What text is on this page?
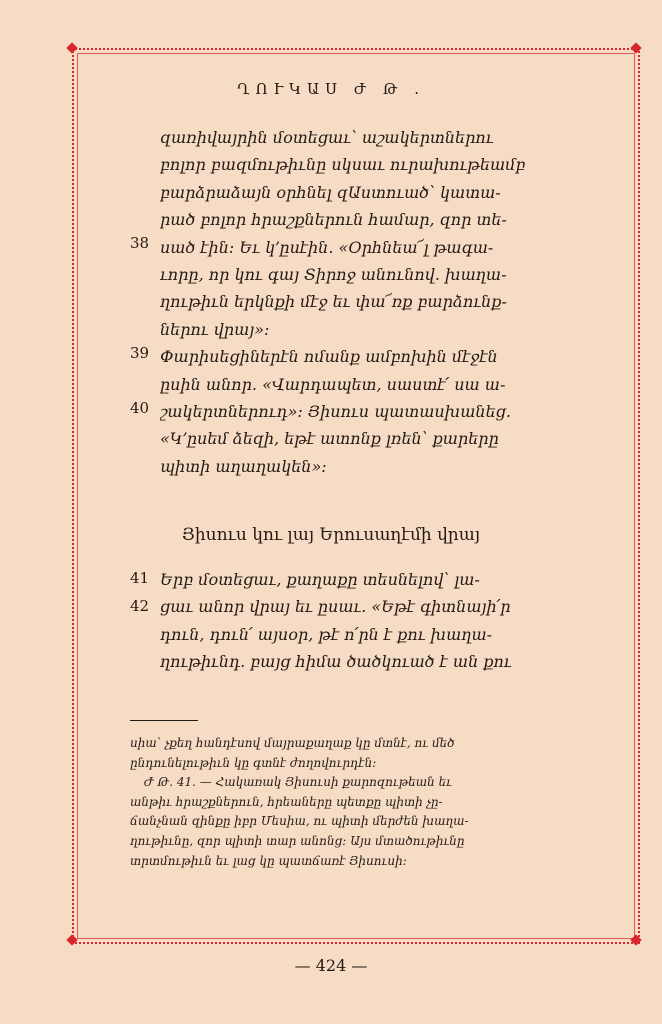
ՂՈՒԿԱՍ Ժ Թ .
38
39
40
զառիվայրին մօտեցաւ՝ աշակերտներու
բոլոր բազմութիւնը սկսաւ ուրախութեամբ
բարձրաձայն օրհնել զԱստուած՝ կատա-
րած բոլոր հրաշքներուն համար, զոր տե-
սած էին։ Եւ կ՚ըսէին. «Օրհնեա՜լ թագա-
ւորը, որ կու գայ Տիրոջ անունով. խաղա-
ղութիւն երկնքի մէջ եւ փա՜ռք բարձունք-
ներու վրայ»։
Փարիսեցիներէն ոմանք ամբոխին մէջէն
ըսին անոր. «Վարդապետ, սաստէ՛ սա ա-
շակերտներուդ»։ Յիսուս պատասխանեց.
«Կ՚ըսեմ ձեզի, եթէ ատոնք լռեն՝ քարերը
պիտի աղաղակեն»։
Յիսուս կու լայ Երուսաղէմի վրայ
41
42
Երբ մօտեցաւ, քաղաքը տեսնելով՝ լա-
ցաւ անոր վրայ եւ ըսաւ. «Եթէ գիտնայի՛ր
դուն, դուն՛ այսօր, թէ ո՛րն է քու խաղա-
ղութիւնդ. բայց հիմա ծածկուած է ան քու
սիա՝ չքեղ հանդէսով մայրաքաղաք կը մտնէ, ու մեծ
ընդունելութիւն կը գտնէ ժողովուրդէն։
Ժ Թ. 41. — Հակառակ Յիսուսի քարոզութեան եւ
անթիւ հրաշքներուն, հրեաները պետքը պիտի չը-
ճանչնան զինքը իբր Մեսիա, ու պիտի մերժեն խաղա-
ղութիւնը, զոր պիտի տար անոնց։ Այս մտածութիւնը
տրտմութիւն եւ լաց կը պատճառէ Յիսուսի։
— 424 —
